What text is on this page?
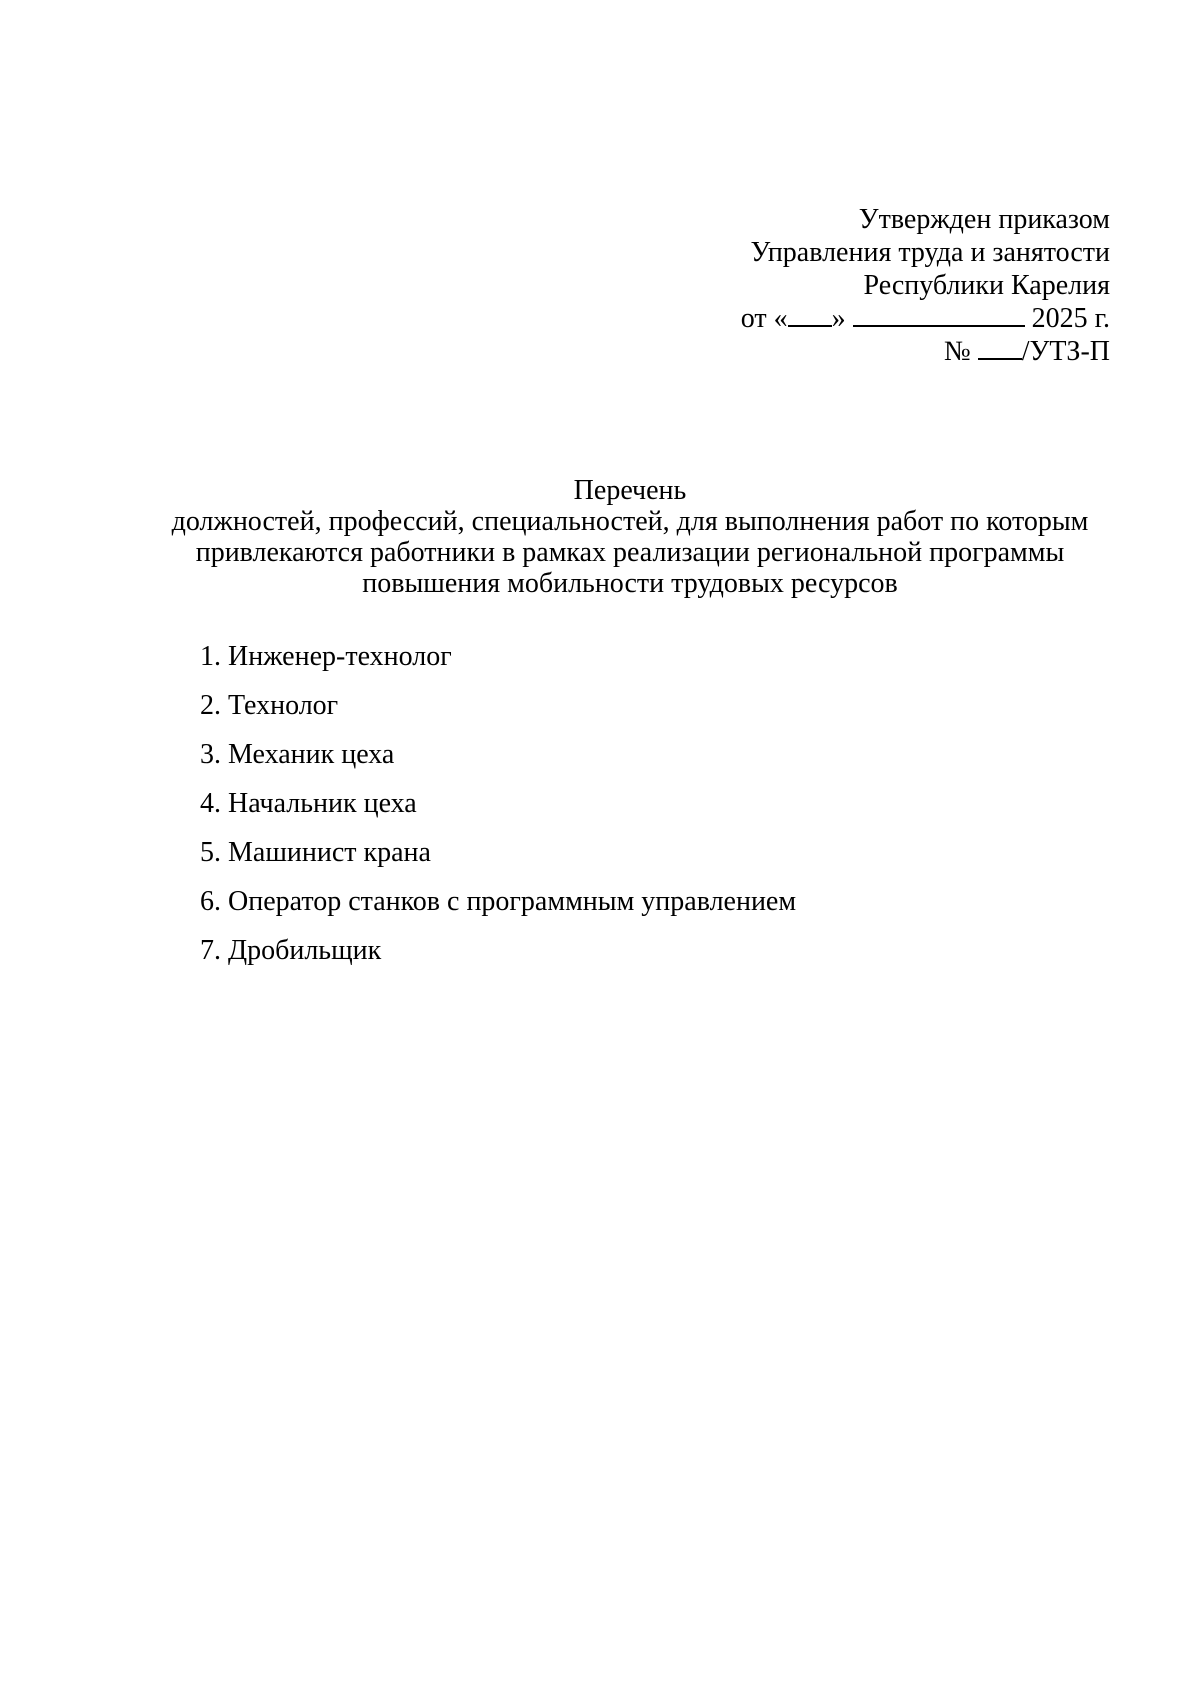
Утвержден приказом
Управления труда и занятости
Республики Карелия
от « »	2025 г.
№ /УТЗ-П
Перечень
должностей, профессий, специальностей, для выполнения работ по которым
привлекаются работники в рамках реализации региональной программы
повышения мобильности трудовых ресурсов
1. Инженер-технолог
2. Технолог
3. Механик цеха
4. Начальник цеха
5. Машинист крана
6. Оператор станков с программным управлением
7. Дробильщик
